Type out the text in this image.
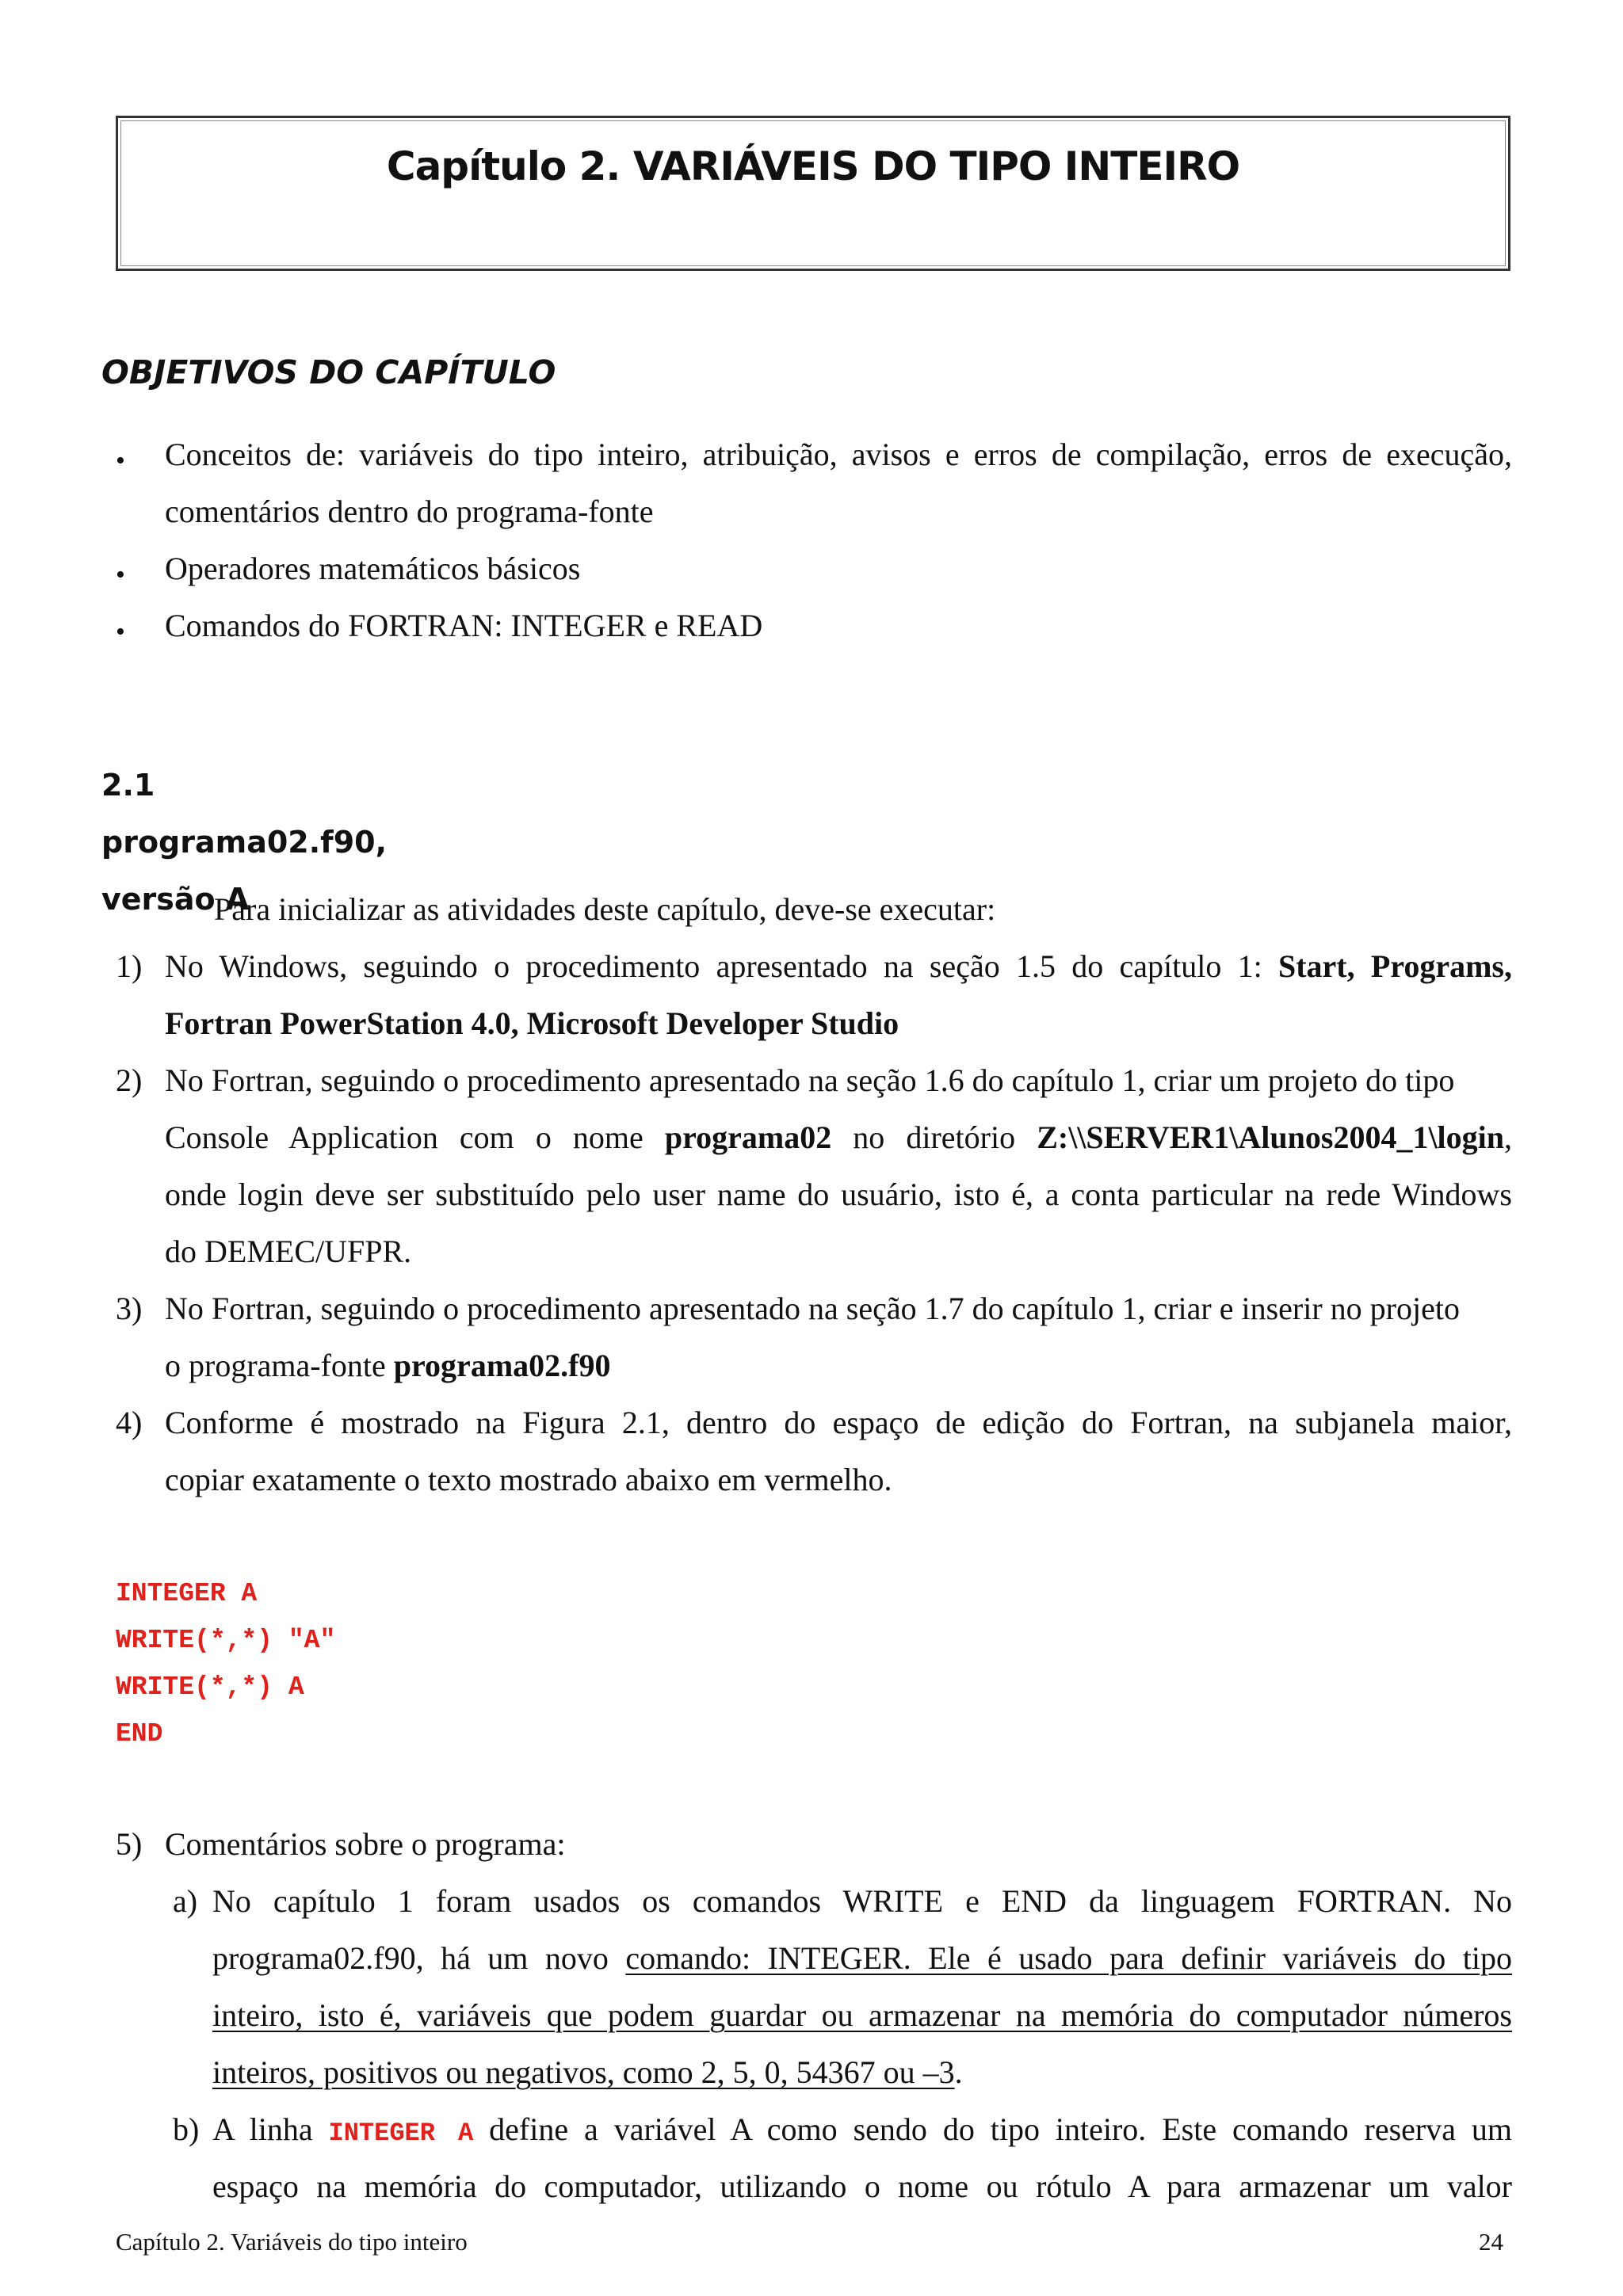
Capítulo 2. VARIÁVEIS DO TIPO INTEIRO
OBJETIVOS DO CAPÍTULO
• Conceitos de: variáveis do tipo inteiro, atribuição, avisos e erros de compilação, erros de execução,
comentários dentro do programa-fonte
• Operadores matemáticos básicos
• Comandos do FORTRAN: INTEGER e READ
2.1 programa02.f90, versão A
Para inicializar as atividades deste capítulo, deve-se executar:
1) No Windows, seguindo o procedimento apresentado na seção 1.5 do capítulo 1: Start, Programs,
Fortran PowerStation 4.0, Microsoft Developer Studio
2) No Fortran, seguindo o procedimento apresentado na seção 1.6 do capítulo 1, criar um projeto do tipo
Console Application com o nome programa02 no diretório Z:\\SERVER1\Alunos2004_1\login,
onde login deve ser substituído pelo user name do usuário, isto é, a conta particular na rede Windows
do DEMEC/UFPR.
3) No Fortran, seguindo o procedimento apresentado na seção 1.7 do capítulo 1, criar e inserir no projeto
o programa-fonte programa02.f90
4) Conforme é mostrado na Figura 2.1, dentro do espaço de edição do Fortran, na subjanela maior,
copiar exatamente o texto mostrado abaixo em vermelho.
5) Comentários sobre o programa:
a) No capítulo 1 foram usados os comandos WRITE e END da linguagem FORTRAN. No
programa02.f90, há um novo comando: INTEGER. Ele é usado para definir variáveis do tipo
inteiro, isto é, variáveis que podem guardar ou armazenar na memória do computador números
inteiros, positivos ou negativos, como 2, 5, 0, 54367 ou –3.
b) A linha INTEGER A define a variável A como sendo do tipo inteiro. Este comando reserva um
espaço na memória do computador, utilizando o nome ou rótulo A para armazenar um valor
INTEGER A
WRITE(*,*) "A"
WRITE(*,*) A
END
Capítulo 2. Variáveis do tipo inteiro	24
